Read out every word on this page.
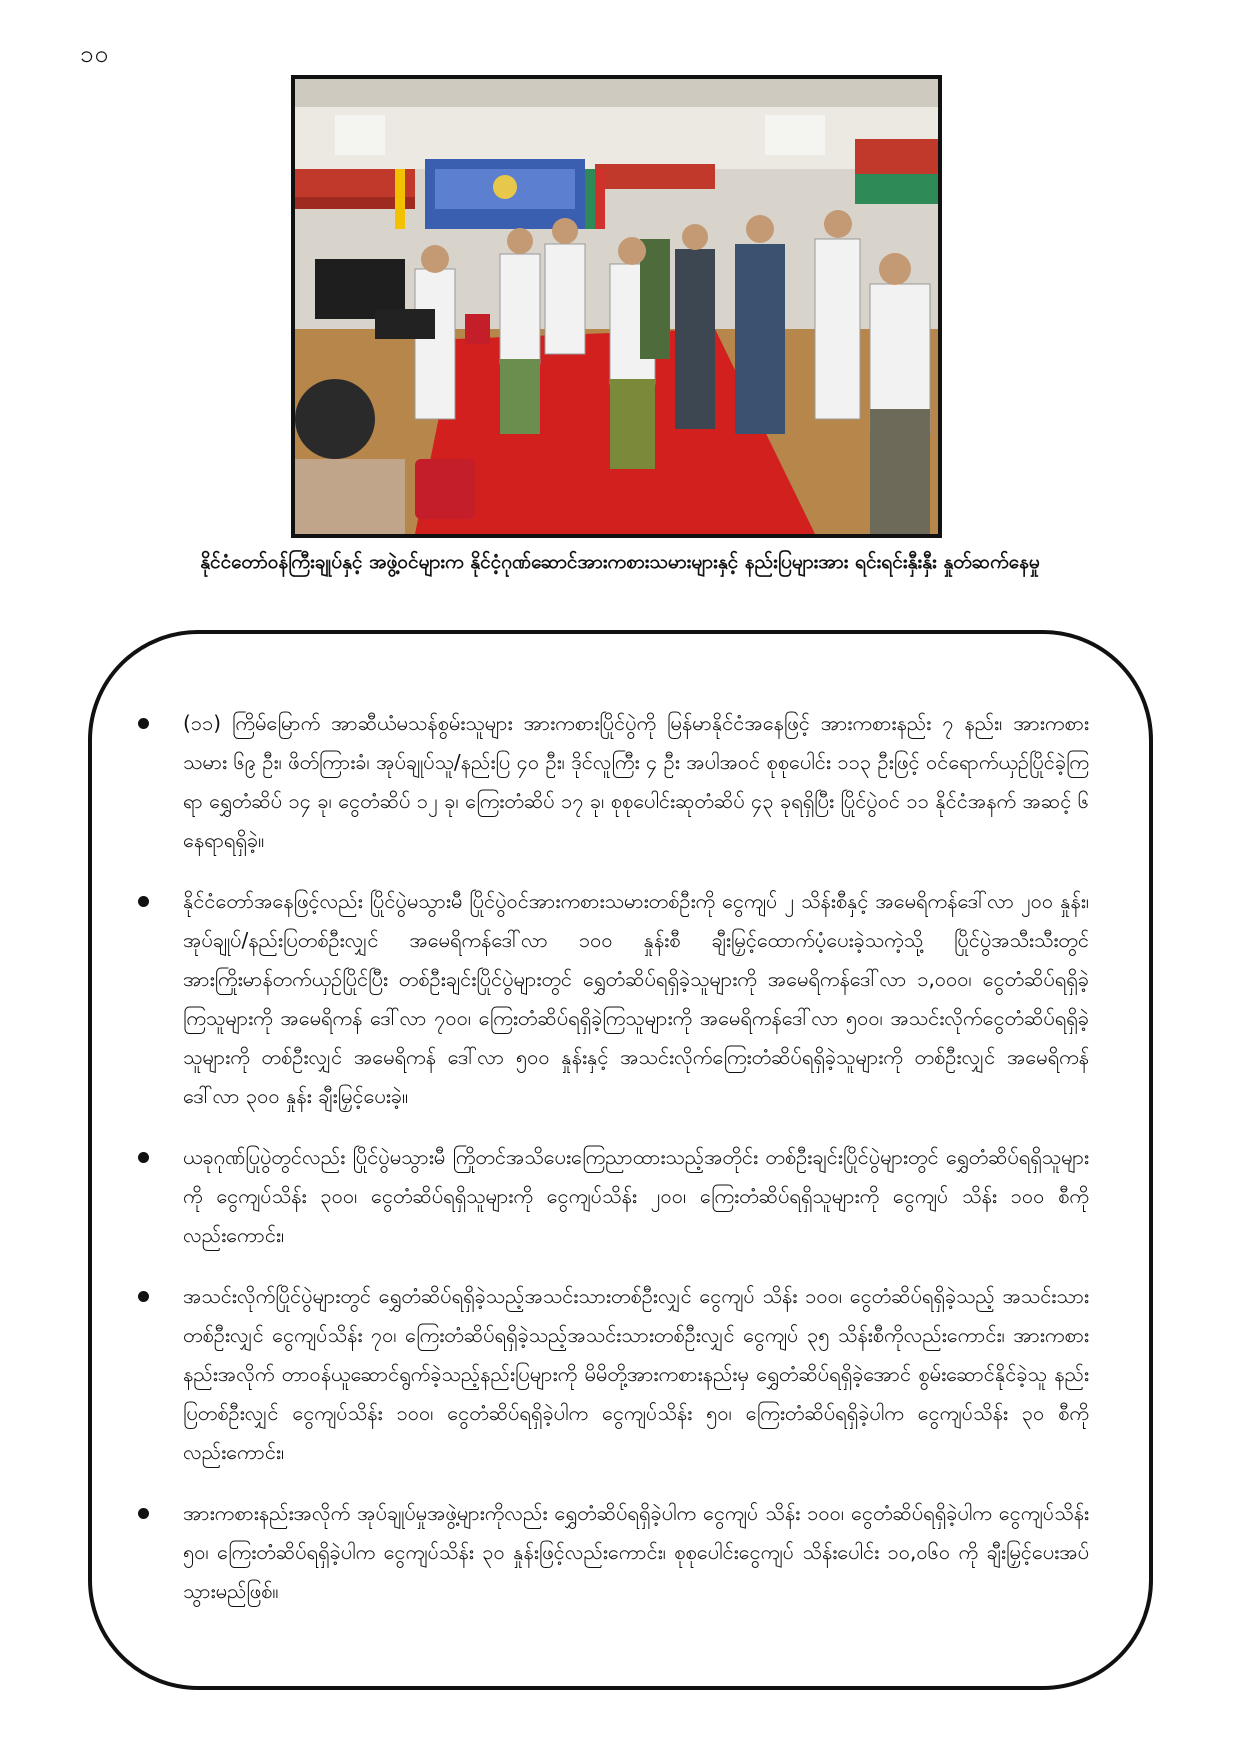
၁၀
နိုင်ငံတော်ဝန်ကြီးချုပ်နှင့် အဖွဲ့ဝင်များက နိုင်ငံ့ဂုဏ်ဆောင်အားကစားသမားများနှင့် နည်းပြများအား ရင်းရင်းနှီးနှီး နှုတ်ဆက်နေမှု
(၁၁) ကြိမ်မြောက် အာဆီယံမသန်စွမ်းသူများ အားကစားပြိုင်ပွဲကို မြန်မာနိုင်ငံအနေဖြင့် အားကစားနည်း ၇ နည်း၊ အားကစားသမား ၆၉ ဦး၊ ဖိတ်ကြားခံ၊ အုပ်ချုပ်သူ/နည်းပြ ၄၀ ဦး၊ ဒိုင်လူကြီး ၄ ဦး အပါအဝင် စုစုပေါင်း ၁၁၃ ဦးဖြင့် ဝင်ရောက်ယှဉ်ပြိုင်ခဲ့ကြရာ ရွှေတံဆိပ် ၁၄ ခု၊ ငွေတံဆိပ် ၁၂ ခု၊ ကြေးတံဆိပ် ၁၇ ခု၊ စုစုပေါင်းဆုတံဆိပ် ၄၃ ခုရရှိပြီး ပြိုင်ပွဲဝင် ၁၁ နိုင်ငံအနက် အဆင့် ၆ နေရာရရှိခဲ့။
နိုင်ငံတော်အနေဖြင့်လည်း ပြိုင်ပွဲမသွားမီ ပြိုင်ပွဲဝင်အားကစားသမားတစ်ဦးကို ငွေကျပ် ၂ သိန်းစီနှင့် အမေရိကန်ဒေါ်လာ ၂၀၀ နှုန်း၊ အုပ်ချုပ်/နည်းပြတစ်ဦးလျှင် အမေရိကန်ဒေါ်လာ ၁၀၀ နှုန်းစီ ချီးမြှင့်ထောက်ပံ့ပေးခဲ့သကဲ့သို့ ပြိုင်ပွဲအသီးသီးတွင် အားကြိုးမာန်တက်ယှဉ်ပြိုင်ပြီး တစ်ဦးချင်းပြိုင်ပွဲများတွင် ရွှေတံဆိပ်ရရှိခဲ့သူများကို အမေရိကန်ဒေါ်လာ ၁,၀၀၀၊ ငွေတံဆိပ်ရရှိခဲ့ကြသူများကို အမေရိကန် ဒေါ်လာ ၇၀၀၊ ကြေးတံဆိပ်ရရှိခဲ့ကြသူများကို အမေရိကန်ဒေါ်လာ ၅၀၀၊ အသင်းလိုက်ငွေတံဆိပ်ရရှိခဲ့သူများကို တစ်ဦးလျှင် အမေရိကန် ဒေါ်လာ ၅၀၀ နှုန်းနှင့် အသင်းလိုက်ကြေးတံဆိပ်ရရှိခဲ့သူများကို တစ်ဦးလျှင် အမေရိကန်ဒေါ်လာ ၃၀၀ နှုန်း ချီးမြှင့်ပေးခဲ့။
ယခုဂုဏ်ပြုပွဲတွင်လည်း ပြိုင်ပွဲမသွားမီ ကြိုတင်အသိပေးကြေညာထားသည့်အတိုင်း တစ်ဦးချင်းပြိုင်ပွဲများတွင် ရွှေတံဆိပ်ရရှိသူများကို ငွေကျပ်သိန်း ၃၀၀၊ ငွေတံဆိပ်ရရှိသူများကို ငွေကျပ်သိန်း ၂၀၀၊ ကြေးတံဆိပ်ရရှိသူများကို ငွေကျပ် သိန်း ၁၀၀ စီကိုလည်းကောင်း၊
အသင်းလိုက်ပြိုင်ပွဲများတွင် ရွှေတံဆိပ်ရရှိခဲ့သည့်အသင်းသားတစ်ဦးလျှင် ငွေကျပ် သိန်း ၁၀၀၊ ငွေတံဆိပ်ရရှိခဲ့သည့် အသင်းသားတစ်ဦးလျှင် ငွေကျပ်သိန်း ၇၀၊ ကြေးတံဆိပ်ရရှိခဲ့သည့်အသင်းသားတစ်ဦးလျှင် ငွေကျပ် ၃၅ သိန်းစီကိုလည်းကောင်း၊ အားကစားနည်းအလိုက် တာဝန်ယူဆောင်ရွက်ခဲ့သည့်နည်းပြများကို မိမိတို့အားကစားနည်းမှ ရွှေတံဆိပ်ရရှိခဲ့အောင် စွမ်းဆောင်နိုင်ခဲ့သူ နည်းပြတစ်ဦးလျှင် ငွေကျပ်သိန်း ၁၀၀၊ ငွေတံဆိပ်ရရှိခဲ့ပါက ငွေကျပ်သိန်း ၅၀၊ ကြေးတံဆိပ်ရရှိခဲ့ပါက ငွေကျပ်သိန်း ၃၀ စီကိုလည်းကောင်း၊
အားကစားနည်းအလိုက် အုပ်ချုပ်မှုအဖွဲ့များကိုလည်း ရွှေတံဆိပ်ရရှိခဲ့ပါက ငွေကျပ် သိန်း ၁၀၀၊ ငွေတံဆိပ်ရရှိခဲ့ပါက ငွေကျပ်သိန်း ၅၀၊ ကြေးတံဆိပ်ရရှိခဲ့ပါက ငွေကျပ်သိန်း ၃၀ နှုန်းဖြင့်လည်းကောင်း၊ စုစုပေါင်းငွေကျပ် သိန်းပေါင်း ၁၀,၀၆၀ ကို ချီးမြှင့်ပေးအပ်သွားမည်ဖြစ်။
